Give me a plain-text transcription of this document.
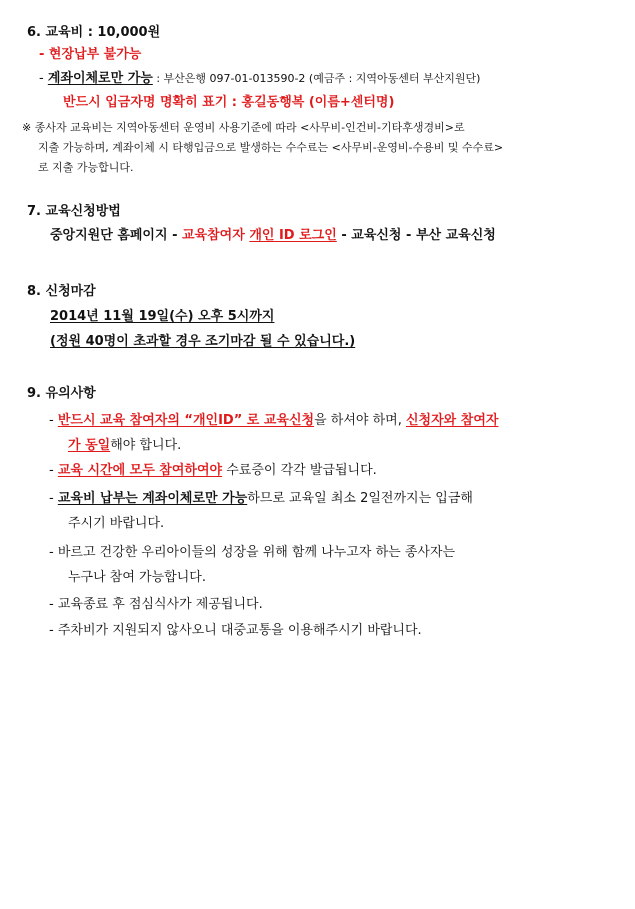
6. 교육비 : 10,000원
- 현장납부 불가능
- 계좌이체로만 가능 : 부산은행 097-01-013590-2 (예금주 : 지역아동센터 부산지원단)
반드시 입금자명 명확히 표기 : 홍길동행복 (이름+센터명)
※ 종사자 교육비는 지역아동센터 운영비 사용기준에 따라 <사무비-인건비-기타후생경비>로
지출 가능하며, 계좌이체 시 타행입금으로 발생하는 수수료는 <사무비-운영비-수용비 및 수수료>
로 지출 가능합니다.
7. 교육신청방법
중앙지원단 홈페이지 - 교육참여자 개인 ID 로그인 - 교육신청 - 부산 교육신청
8. 신청마감
2014년 11월 19일(수) 오후 5시까지
(정원 40명이 초과할 경우 조기마감 될 수 있습니다.)
9. 유의사항
- 반드시 교육 참여자의 “개인ID” 로 교육신청을 하셔야 하며, 신청자와 참여자
가 동일해야 합니다.
- 교육 시간에 모두 참여하여야 수료증이 각각 발급됩니다.
- 교육비 납부는 계좌이체로만 가능하므로 교육일 최소 2일전까지는 입금해
주시기 바랍니다.
- 바르고 건강한 우리아이들의 성장을 위해 함께 나누고자 하는 종사자는
누구나 참여 가능합니다.
- 교육종료 후 점심식사가 제공됩니다.
- 주차비가 지원되지 않사오니 대중교통을 이용해주시기 바랍니다.
